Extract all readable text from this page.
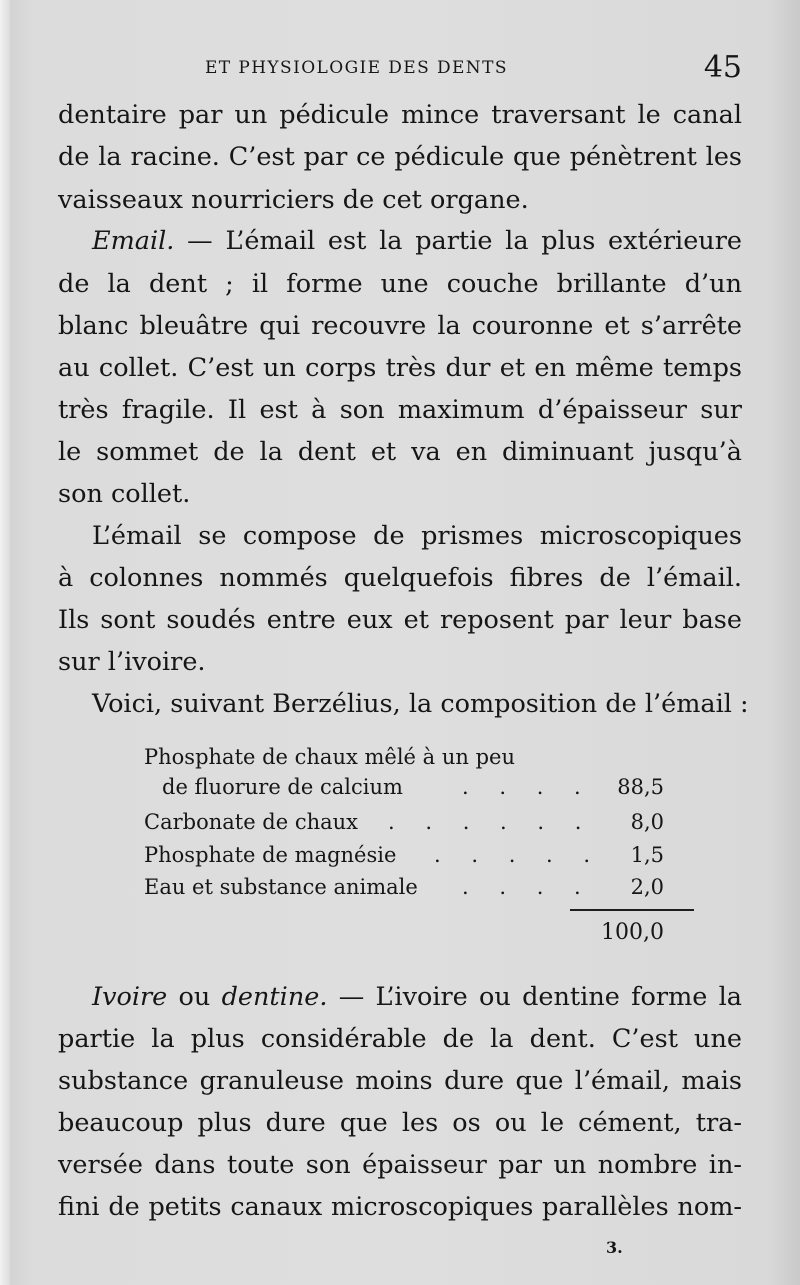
ET PHYSIOLOGIE DES DENTS	45
dentaire par un pédicule mince traversant le canal
de la racine. C’est par ce pédicule que pénètrent les
vaisseaux nourriciers de cet organe.
Email. — L’émail est la partie la plus extérieure
de la dent ; il forme une couche brillante d’un
blanc bleuâtre qui recouvre la couronne et s’arrête
au collet. C’est un corps très dur et en même temps
très fragile. Il est à son maximum d’épaisseur sur
le sommet de la dent et va en diminuant jusqu’à
son collet.
L’émail se compose de prismes microscopiques
à colonnes nommés quelquefois fibres de l’émail.
Ils sont soudés entre eux et reposent par leur base
sur l’ivoire.
Voici, suivant Berzélius, la composition de l’émail :
Phosphate de chaux mêlé à un peu
de fluorure de calcium	. . . . 88,5
Carbonate de chaux . . . . . . 8,0
Phosphate de magnésie . . . . . 1,5
Eau et substance animale . . . . 2,0
100,0
Ivoire ou dentine. — L’ivoire ou dentine forme la
partie la plus considérable de la dent. C’est une
substance granuleuse moins dure que l’émail, mais
beaucoup plus dure que les os ou le cément, tra-
versée dans toute son épaisseur par un nombre in-
fini de petits canaux microscopiques parallèles nom-
3.
